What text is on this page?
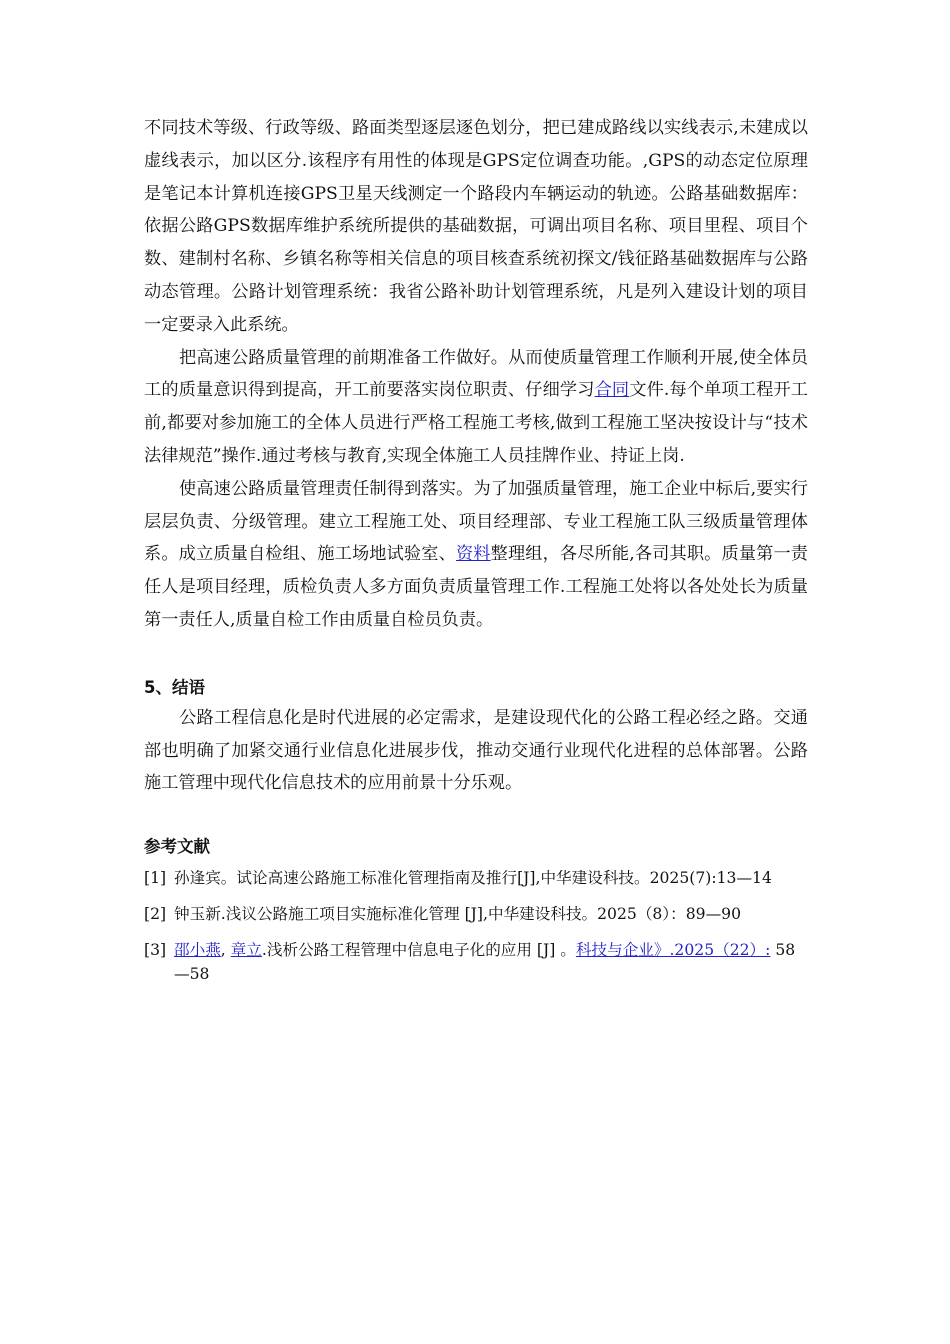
不同技术等级、行政等级、路面类型逐层逐色划分，把已建成路线以实线表示,未建成以虚线表示，加以区分.该程序有用性的体现是GPS定位调查功能。,GPS的动态定位原理是笔记本计算机连接GPS卫星天线测定一个路段内车辆运动的轨迹。公路基础数据库：依据公路GPS数据库维护系统所提供的基础数据，可调出项目名称、项目里程、项目个数、建制村名称、乡镇名称等相关信息的项目核查系统初探文/钱征路基础数据库与公路动态管理。公路计划管理系统：我省公路补助计划管理系统，凡是列入建设计划的项目一定要录入此系统。

把高速公路质量管理的前期准备工作做好。从而使质量管理工作顺利开展,使全体员工的质量意识得到提高，开工前要落实岗位职责、仔细学习合同文件.每个单项工程开工前,都要对参加施工的全体人员进行严格工程施工考核,做到工程施工坚决按设计与“技术法律规范”操作.通过考核与教育,实现全体施工人员挂牌作业、持证上岗.

使高速公路质量管理责任制得到落实。为了加强质量管理，施工企业中标后,要实行层层负责、分级管理。建立工程施工处、项目经理部、专业工程施工队三级质量管理体系。成立质量自检组、施工场地试验室、资料整理组，各尽所能,各司其职。质量第一责任人是项目经理，质检负责人多方面负责质量管理工作.工程施工处将以各处处长为质量第一责任人,质量自检工作由质量自检员负责。

5、结语

公路工程信息化是时代进展的必定需求，是建设现代化的公路工程必经之路。交通部也明确了加紧交通行业信息化进展步伐，推动交通行业现代化进程的总体部署。公路施工管理中现代化信息技术的应用前景十分乐观。

参考文献
[1] 孙逢宾。试论高速公路施工标准化管理指南及推行[J],中华建设科技。2025(7):13—14
[2] 钟玉新.浅议公路施工项目实施标准化管理 [J],中华建设科技。2025（8）：89—90
[3] 邵小燕, 章立.浅析公路工程管理中信息电子化的应用 [J] 。科技与企业》.2025（22）: 58—58
